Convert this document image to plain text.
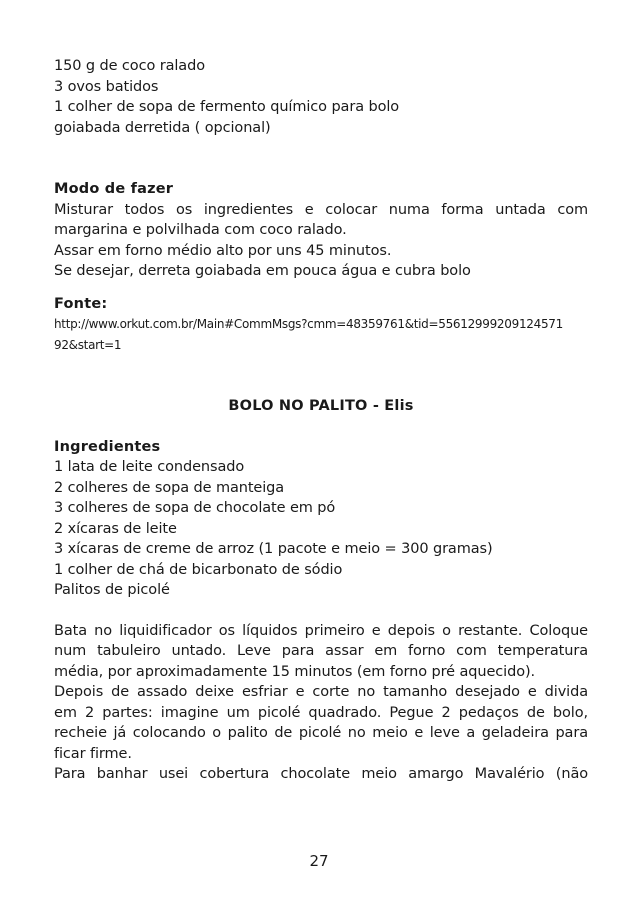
150 g de coco ralado
3 ovos batidos
1 colher de sopa de fermento químico para bolo
goiabada derretida ( opcional)
Modo de fazer
Misturar todos os ingredientes e colocar numa forma untada com
margarina e polvilhada com coco ralado.
Assar em forno médio alto por uns 45 minutos.
Se desejar, derreta goiabada em pouca água e cubra bolo
Fonte:
http://www.orkut.com.br/Main#CommMsgs?cmm=48359761&tid=55612999209124571
92&start=1
BOLO NO PALITO - Elis
Ingredientes
1 lata de leite condensado
2 colheres de sopa de manteiga
3 colheres de sopa de chocolate em pó
2 xícaras de leite
3 xícaras de creme de arroz (1 pacote e meio = 300 gramas)
1 colher de chá de bicarbonato de sódio
Palitos de picolé
Bata no liquidificador os líquidos primeiro e depois o restante. Coloque
num tabuleiro untado. Leve para assar em forno com temperatura
média, por aproximadamente 15 minutos (em forno pré aquecido).
Depois de assado deixe esfriar e corte no tamanho desejado e divida
em 2 partes: imagine um picolé quadrado. Pegue 2 pedaços de bolo,
recheie já colocando o palito de picolé no meio e leve a geladeira para
ficar firme.
Para banhar usei cobertura chocolate meio amargo Mavalério (não
27
